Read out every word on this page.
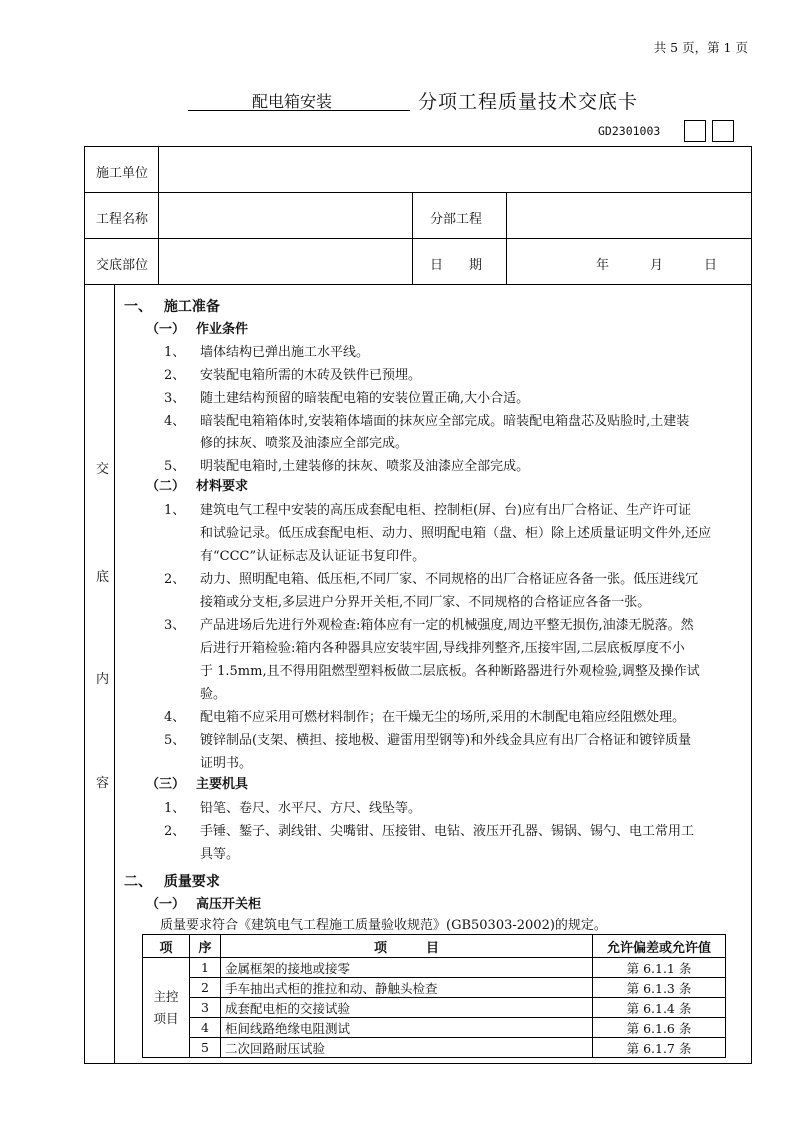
共 5 页，第 1 页
配电箱安装	分项工程质量技术交底卡
GD2301003
施工单位
工程名称	分部工程
交底部位	日　　期	年	月	日
交
底
内
容
一、　 施工准备
（一）　 作业条件
1、 墙体结构已弹出施工水平线。
2、 安装配电箱所需的木砖及铁件已预埋。
3、 随土建结构预留的暗装配电箱的安装位置正确,大小合适。
4、 暗装配电箱箱体时,安装箱体墙面的抹灰应全部完成。暗装配电箱盘芯及贴脸时,土建装
修的抹灰、喷浆及油漆应全部完成。
5、 明装配电箱时,土建装修的抹灰、喷浆及油漆应全部完成。
（二）　 材料要求
1、 建筑电气工程中安装的高压成套配电柜、控制柜(屏、台)应有出厂合格证、生产许可证
和试验记录。低压成套配电柜、动力、照明配电箱（盘、柜）除上述质量证明文件外,还应
有“CCC”认证标志及认证证书复印件。
2、 动力、照明配电箱、低压柜,不同厂家、不同规格的出厂合格证应各备一张。低压进线冗
接箱或分支柜,多层进户分界开关柜,不同厂家、不同规格的合格证应各备一张。
3、 产品进场后先进行外观检查:箱体应有一定的机械强度,周边平整无损伤,油漆无脱落。然
后进行开箱检验:箱内各种器具应安装牢固,导线排列整齐,压接牢固,二层底板厚度不小
于 1.5mm,且不得用阻燃型塑料板做二层底板。各种断路器进行外观检验,调整及操作试
验。
4、 配电箱不应采用可燃材料制作；在干燥无尘的场所,采用的木制配电箱应经阻燃处理。
5、 镀锌制品(支架、横担、接地极、避雷用型钢等)和外线金具应有出厂合格证和镀锌质量
证明书。
（三）　 主要机具
1、 铅笔、卷尺、水平尺、方尺、线坠等。
2、 手锤、錾子、剥线钳、尖嘴钳、压接钳、电钻、液压开孔器、锡锅、锡勺、电工常用工
具等。
二、　 质量要求
（一）　 高压开关柜
质量要求符合《建筑电气工程施工质量验收规范》(GB50303-2002)的规定。
项	序	项　　　目	允许偏差或允许值
主控项目	1	金属框架的接地或接零	第 6.1.1 条
	2	手车抽出式柜的推拉和动、静触头检查	第 6.1.3 条
	3	成套配电柜的交接试验	第 6.1.4 条
	4	柜间线路绝缘电阻测试	第 6.1.6 条
	5	二次回路耐压试验	第 6.1.7 条
